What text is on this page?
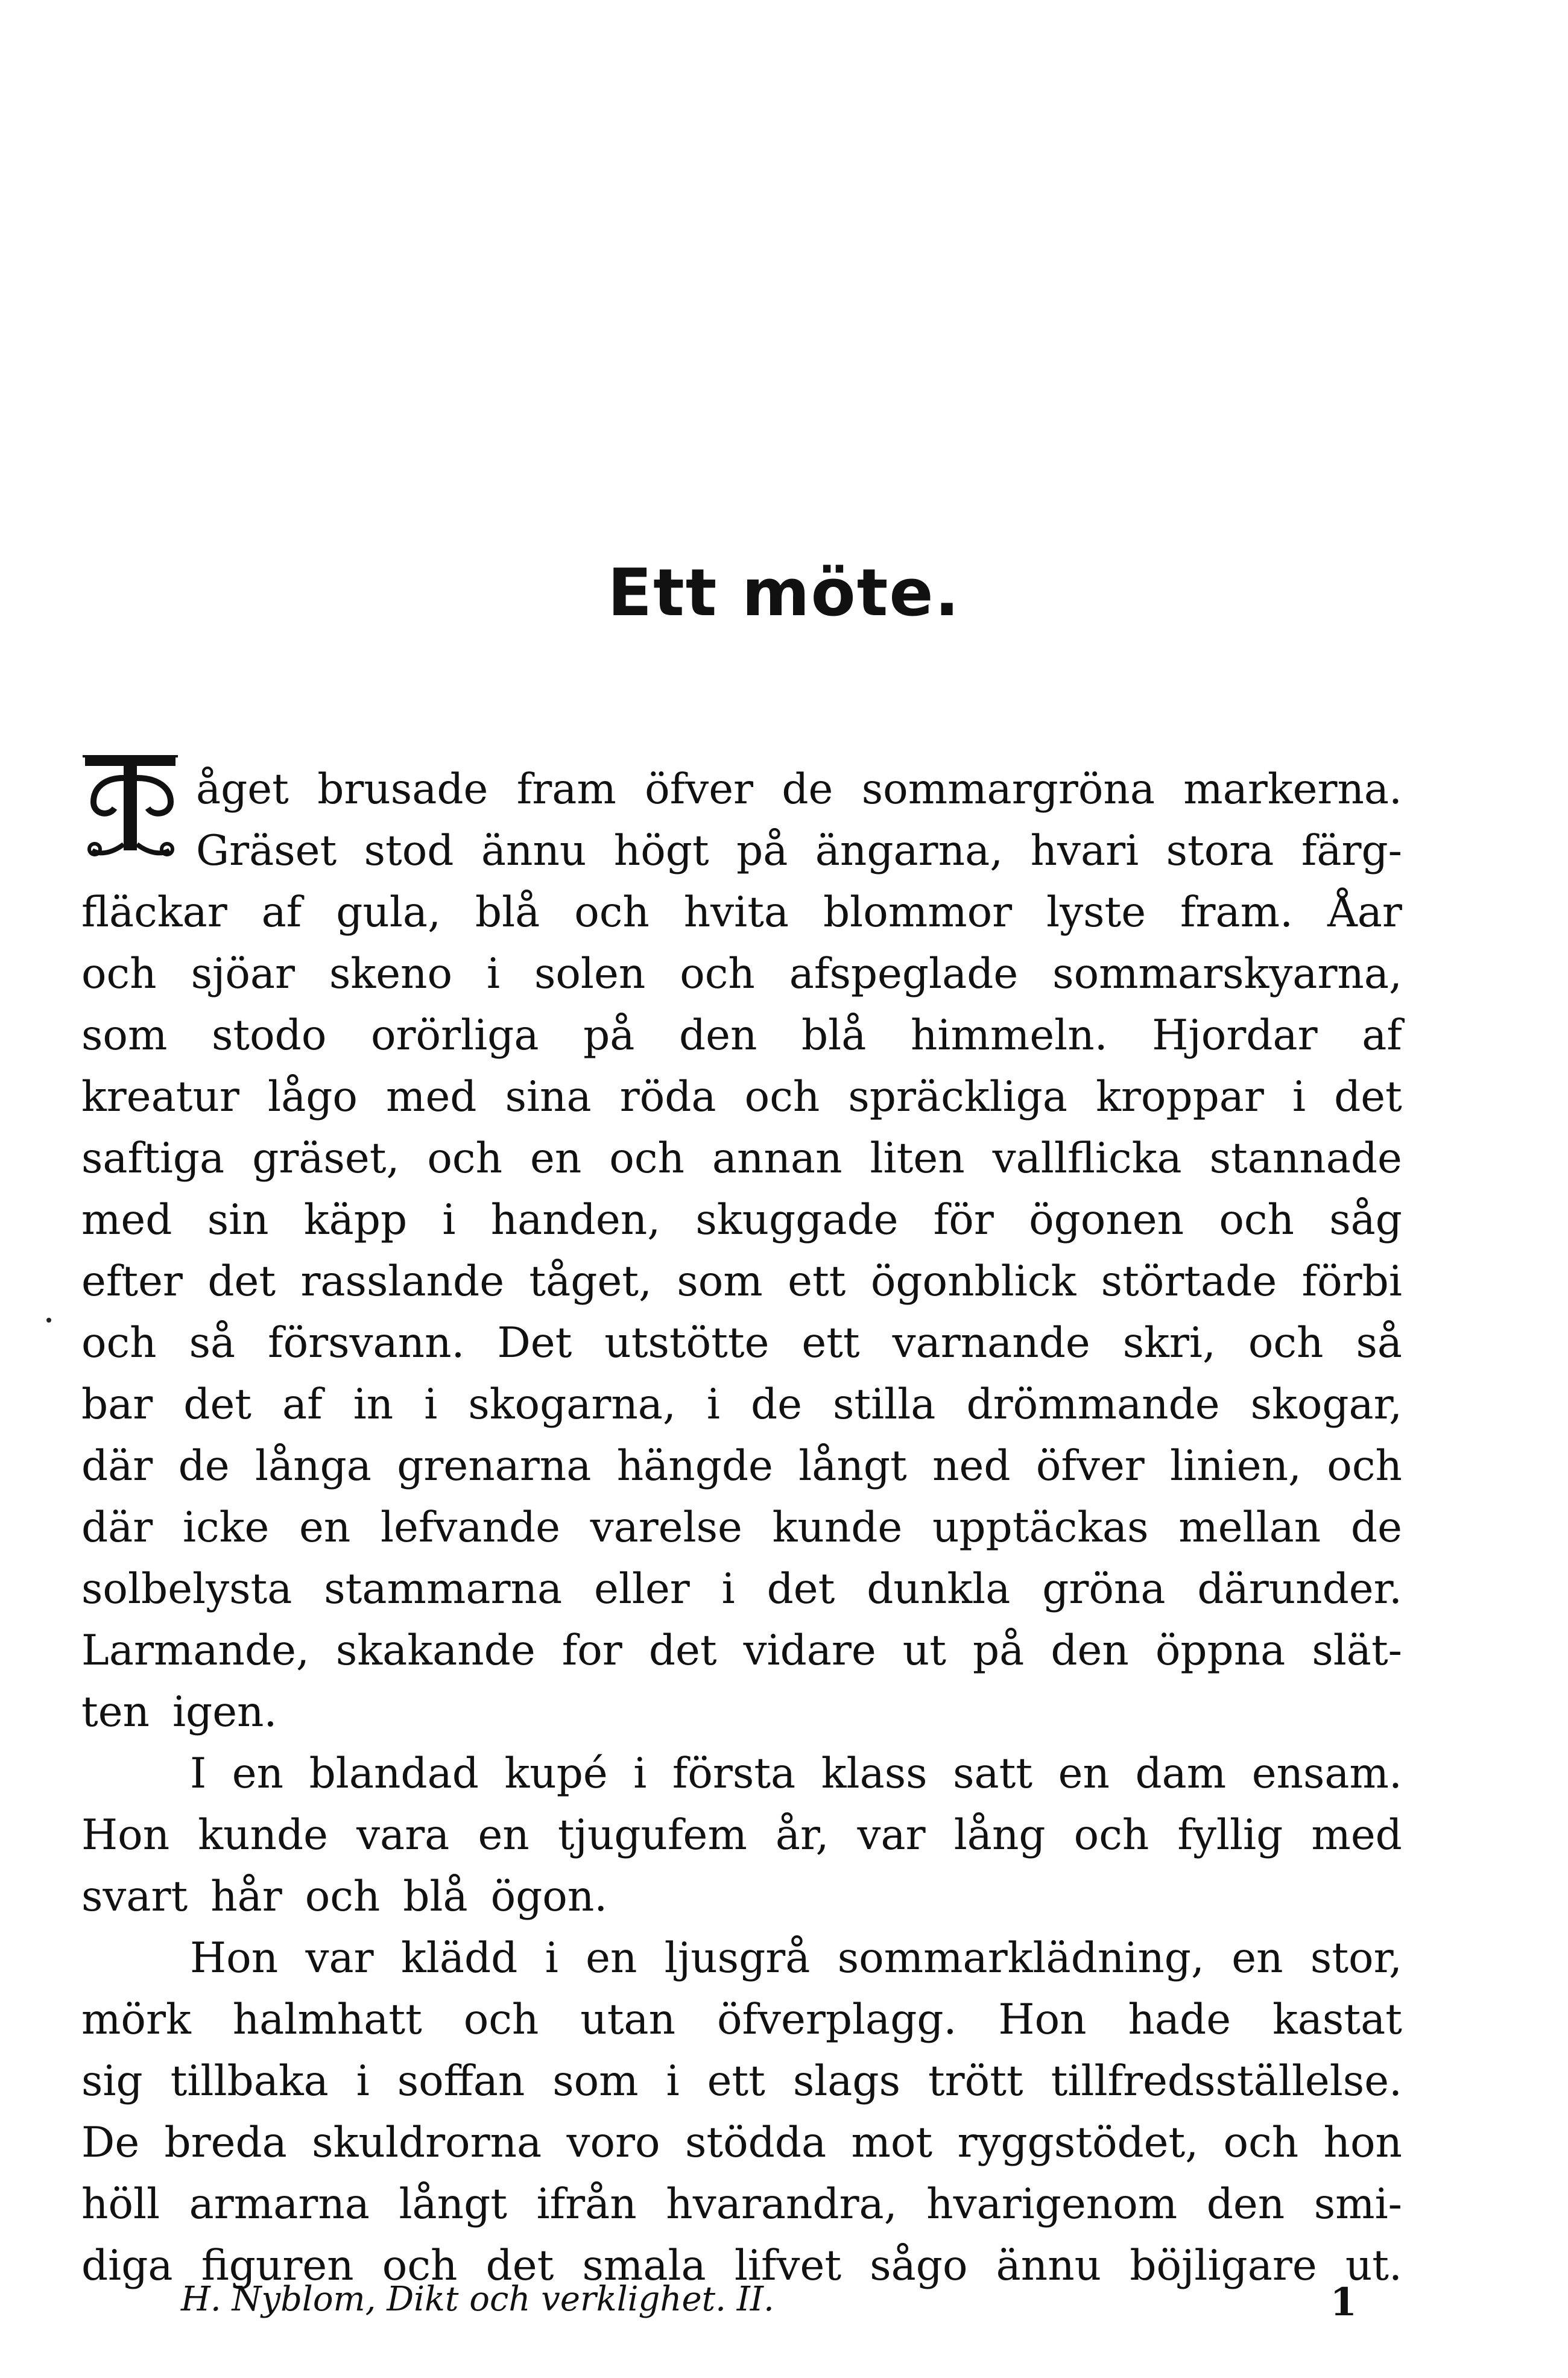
Ett möte.
åget brusade fram öfver de sommargröna markerna.
Gräset stod ännu högt på ängarna, hvari stora färg-
fläckar af gula, blå och hvita blommor lyste fram. Åar
och sjöar skeno i solen och afspeglade sommarskyarna,
som stodo orörliga på den blå himmeln. Hjordar af
kreatur lågo med sina röda och spräckliga kroppar i det
saftiga gräset, och en och annan liten vallflicka stannade
med sin käpp i handen, skuggade för ögonen och såg
efter det rasslande tåget, som ett ögonblick störtade förbi
och så försvann. Det utstötte ett varnande skri, och så
bar det af in i skogarna, i de stilla drömmande skogar,
där de långa grenarna hängde långt ned öfver linien, och
där icke en lefvande varelse kunde upptäckas mellan de
solbelysta stammarna eller i det dunkla gröna därunder.
Larmande, skakande for det vidare ut på den öppna slät-
ten igen.
I en blandad kupé i första klass satt en dam ensam.
Hon kunde vara en tjugufem år, var lång och fyllig med
svart hår och blå ögon.
Hon var klädd i en ljusgrå sommarklädning, en stor,
mörk halmhatt och utan öfverplagg. Hon hade kastat
sig tillbaka i soffan som i ett slags trött tillfredsställelse.
De breda skuldrorna voro stödda mot ryggstödet, och hon
höll armarna långt ifrån hvarandra, hvarigenom den smi-
diga figuren och det smala lifvet sågo ännu böjligare ut.
H. Nyblom, Dikt och verklighet. II.	1
